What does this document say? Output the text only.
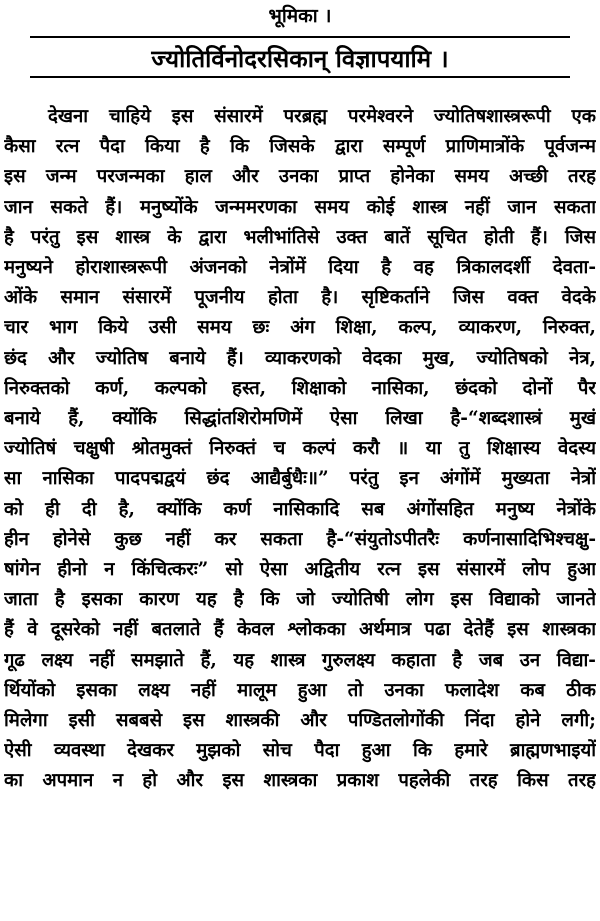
भूमिका ।
ज्योतिर्विनोदरसिकान् विज्ञापयामि ।
देखना चाहिये इस संसारमें परब्रह्म परमेश्वरने ज्योतिषशास्त्ररूपी एक
कैसा रत्न पैदा किया है कि जिसके द्वारा सम्पूर्ण प्राणिमात्रोंके पूर्वजन्म
इस जन्म परजन्मका हाल और उनका प्राप्त होनेका समय अच्छी तरह
जान सकते हैं। मनुष्योंके जन्ममरणका समय कोई शास्त्र नहीं जान सकता
है परंतु इस शास्त्र के द्वारा भलीभांतिसे उक्त बातें सूचित होती हैं। जिस
मनुष्यने होराशास्त्ररूपी अंजनको नेत्रोंमें दिया है वह त्रिकालदर्शी देवता-
ओंके समान संसारमें पूजनीय होता है। सृष्टिकर्ताने जिस वक्त वेदके
चार भाग किये उसी समय छः अंग शिक्षा, कल्प, व्याकरण, निरुक्त,
छंद और ज्योतिष बनाये हैं। व्याकरणको वेदका मुख, ज्योतिषको नेत्र,
निरुक्तको कर्ण, कल्पको हस्त, शिक्षाको नासिका, छंदको दोनों पैर
बनाये हैं, क्योंकि सिद्धांतशिरोमणिमें ऐसा लिखा है-“शब्दशास्त्रं मुखं
ज्योतिषं चक्षुषी श्रोतमुक्तं निरुक्तं च कल्पं करौ ॥ या तु शिक्षास्य वेदस्य
सा नासिका पादपद्मद्वयं छंद आद्यैर्बुधैः॥” परंतु इन अंगोंमें मुख्यता नेत्रों
को ही दी है, क्योंकि कर्ण नासिकादि सब अंगोंसहित मनुष्य नेत्रोंके
हीन होनेसे कुछ नहीं कर सकता है-“संयुतोऽपीतरैः कर्णनासादिभिश्चक्षु-
षांगेन हीनो न किंचित्करः” सो ऐसा अद्वितीय रत्न इस संसारमें लोप हुआ
जाता है इसका कारण यह है कि जो ज्योतिषी लोग इस विद्याको जानते
हैं वे दूसरेको नहीं बतलाते हैं केवल श्लोकका अर्थमात्र पढा देतेहैं इस शास्त्रका
गूढ लक्ष्य नहीं समझाते हैं, यह शास्त्र गुरुलक्ष्य कहाता है जब उन विद्या-
र्थियोंको इसका लक्ष्य नहीं मालूम हुआ तो उनका फलादेश कब ठीक
मिलेगा इसी सबबसे इस शास्त्रकी और पण्डितलोगोंकी निंदा होने लगी;
ऐसी व्यवस्था देखकर मुझको सोच पैदा हुआ कि हमारे ब्राह्मणभाइयों
का अपमान न हो और इस शास्त्रका प्रकाश पहलेकी तरह किस तरह
